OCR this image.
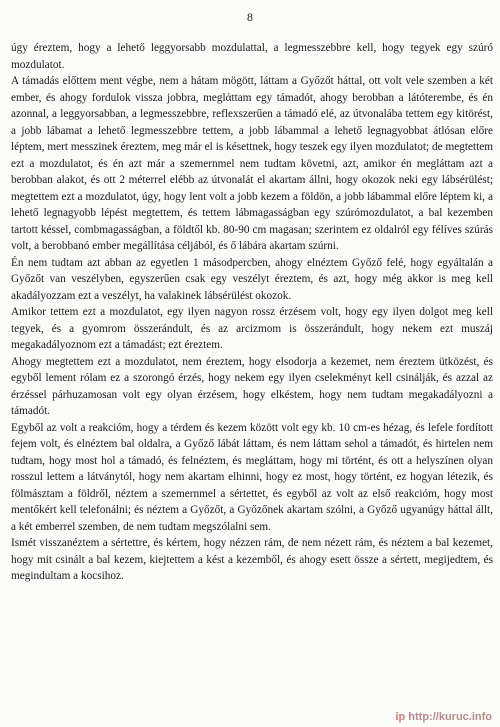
8

úgy éreztem, hogy a lehető leggyorsabb mozdulattal, a legmesszebbre kell, hogy tegyek egy szúró mozdulatot.

A támadás előttem ment végbe, nem a hátam mögött, láttam a Győzőt háttal, ott volt vele szemben a két ember, és ahogy fordulok vissza jobbra, meglάttam egy támadót, ahogy berobban a látóterembe, és én azonnal, a leggyorsabban, a legmesszebbre, reflexszerűen a támadó elé, az útvonalába tettem egy kitörést, a jobb lábamat a lehető legmesszebbre tettem, a jobb lábammal a lehető legnagyobbat átlósan előre léptem, mert messzinek éreztem, meg már el is késettnek, hogy teszek egy ilyen mozdulatot; de megtettem ezt a mozdulatot, és én azt már a szemernmel nem tudtam követni, azt, amikor én megláttam azt a berobban alakot, és ott 2 méterrel elébb az útvonalát el akartam állni, hogy okozok neki egy lábsérülést; megtettem ezt a mozdulatot, úgy, hogy lent volt a jobb kezem a földön, a jobb lábammal előre léptem ki, a lehető legnagyobb lépést megtettem, és tettem lábmagasságban egy szúrómozdulatot, a bal kezemben tartott késsel, combmagasságban, a földtől kb. 80-90 cm magasan; szerintem ez oldalról egy félíves szúrás volt, a berobbanó ember megállítása céljából, és ő lábára akartam szúrni.

Én nem tudtam azt abban az egyetlen 1 másodpercben, ahogy elnéztem Győző felé, hogy egyáltalán a Győzőt van veszélyben, egyszerűen csak egy veszélyt éreztem, és azt, hogy még akkor is meg kell akadályozzam ezt a veszélyt, ha valakinek lábsérülést okozok.

Amikor tettem ezt a mozdulatot, egy ilyen nagyon rossz érzésem volt, hogy egy ilyen dolgot meg kell tegyek, és a gyomrom összerándult, és az arcizmom is összerándult, hogy nekem ezt muszáj megakadályoznom ezt a támadást; ezt éreztem.

Ahogy megtettem ezt a mozdulatot, nem éreztem, hogy elsodorja a kezemet, nem éreztem ütközést, és egyből lement rólam ez a szorongó érzés, hogy nekem egy ilyen cselekményt kell csinálják, és azzal az érzéssel párhuzamosan volt egy olyan érzésem, hogy elkéstem, hogy nem tudtam megakadályozni a támadót.

Egyből az volt a reakcióm, hogy a térdem és kezem között volt egy kb. 10 cm-es hézag, és lefele fordított fejem volt, és elnéztem bal oldalra, a Győző lábát láttam, és nem láttam sehol a támadót, és hirtelen nem tudtam, hogy most hol a támadó, és felnéztem, és megláttam, hogy mi történt, és ott a helyszínen olyan rosszul lettem a látványtól, hogy nem akartam elhinni, hogy ez most, hogy történt, ez hogyan létezik, és fölmásztam a földről, néztem a szemernmel a sértettet, és egyből az volt az első reakcióm, hogy most mentőkért kell telefonálni; és néztem a Győzőt, a Győzőnek akartam szólni, a Győző ugyanúgy háttal állt, a két emberrel szemben, de nem tudtam megszólalni sem.

Ismét visszanéztem a sértettre, és kértem, hogy nézzen rám, de nem nézett rám, és néztem a bal kezemet, hogy mit csinált a bal kezem, kiejtettem a kést a kezemből, és ahogy esett össze a sértett, megijedtem, és megindultam a kocsihoz.

ip http://kuruc.info
